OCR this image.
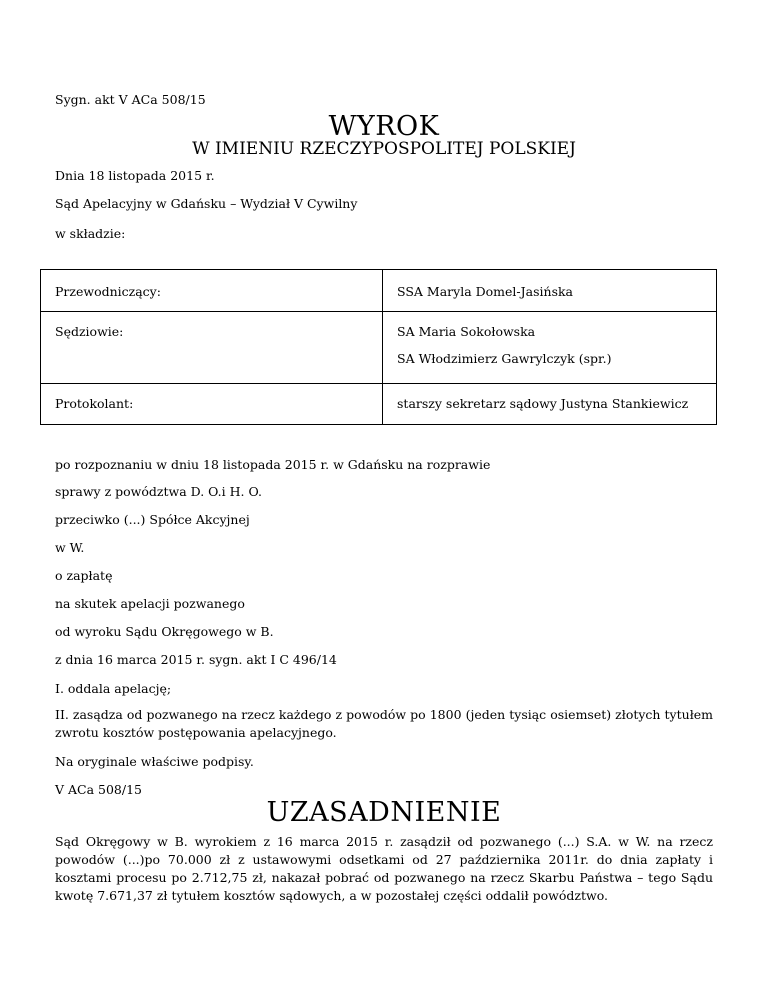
Sygn. akt V ACa 508/15

WYROK
W IMIENIU RZECZYPOSPOLITEJ POLSKIEJ

Dnia 18 listopada 2015 r.

Sąd Apelacyjny w Gdańsku – Wydział V Cywilny

w składzie:

Przewodniczący:	SSA Maryla Domel-Jasińska

Sędziowie:	SA Maria Sokołowska
SA Włodzimierz Gawrylczyk (spr.)

Protokolant:	starszy sekretarz sądowy Justyna Stankiewicz

po rozpoznaniu w dniu 18 listopada 2015 r. w Gdańsku na rozprawie

sprawy z powództwa D. O.i H. O.

przeciwko (...) Spółce Akcyjnej

w W.

o zapłatę

na skutek apelacji pozwanego

od wyroku Sądu Okręgowego w B.

z dnia 16 marca 2015 r. sygn. akt I C 496/14

I. oddala apelację;

II. zasądza od pozwanego na rzecz każdego z powodów po 1800 (jeden tysiąc osiemset) złotych tytułem zwrotu kosztów postępowania apelacyjnego.

Na oryginale właściwe podpisy.

V ACa 508/15

UZASADNIENIE

Sąd Okręgowy w B. wyrokiem z 16 marca 2015 r. zasądził od pozwanego (...) S.A. w W. na rzecz powodów (...)po 70.000 zł z ustawowymi odsetkami od 27 października 2011r. do dnia zapłaty i kosztami procesu po 2.712,75 zł, nakazał pobrać od pozwanego na rzecz Skarbu Państwa – tego Sądu kwotę 7.671,37 zł tytułem kosztów sądowych, a w pozostałej części oddalił powództwo.
